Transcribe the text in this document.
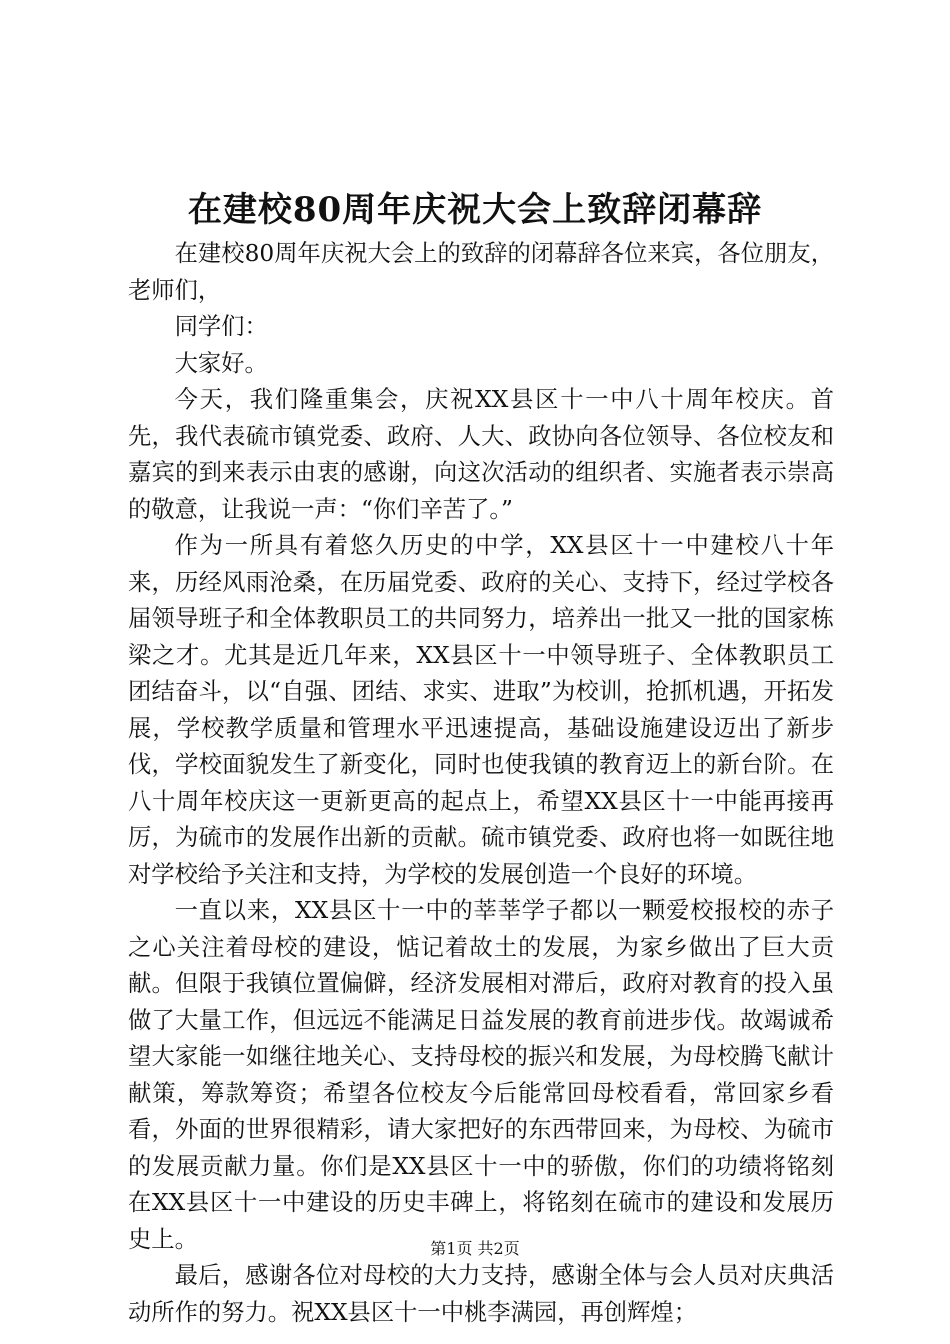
在建校80周年庆祝大会上致辞闭幕辞

在建校80周年庆祝大会上的致辞的闭幕辞各位来宾，各位朋友，老师们，

同学们：

大家好。

今天，我们隆重集会，庆祝XX县区十一中八十周年校庆。首先，我代表硫市镇党委、政府、人大、政协向各位领导、各位校友和嘉宾的到来表示由衷的感谢，向这次活动的组织者、实施者表示崇高的敬意，让我说一声：“你们辛苦了。”

作为一所具有着悠久历史的中学，XX县区十一中建校八十年来，历经风雨沧桑，在历届党委、政府的关心、支持下，经过学校各届领导班子和全体教职员工的共同努力，培养出一批又一批的国家栋梁之才。尤其是近几年来，XX县区十一中领导班子、全体教职员工团结奋斗，以“自强、团结、求实、进取”为校训，抢抓机遇，开拓发展，学校教学质量和管理水平迅速提高，基础设施建设迈出了新步伐，学校面貌发生了新变化，同时也使我镇的教育迈上的新台阶。在八十周年校庆这一更新更高的起点上，希望XX县区十一中能再接再厉，为硫市的发展作出新的贡献。硫市镇党委、政府也将一如既往地对学校给予关注和支持，为学校的发展创造一个良好的环境。

一直以来，XX县区十一中的莘莘学子都以一颗爱校报校的赤子之心关注着母校的建设，惦记着故土的发展，为家乡做出了巨大贡献。但限于我镇位置偏僻，经济发展相对滞后，政府对教育的投入虽做了大量工作，但远远不能满足日益发展的教育前进步伐。故竭诚希望大家能一如继往地关心、支持母校的振兴和发展，为母校腾飞献计献策，筹款筹资；希望各位校友今后能常回母校看看，常回家乡看看，外面的世界很精彩，请大家把好的东西带回来，为母校、为硫市的发展贡献力量。你们是XX县区十一中的骄傲，你们的功绩将铭刻在XX县区十一中建设的历史丰碑上，将铭刻在硫市的建设和发展历史上。

最后，感谢各位对母校的大力支持，感谢全体与会人员对庆典活动所作的努力。祝XX县区十一中桃李满园，再创辉煌；

第1页 共2页
